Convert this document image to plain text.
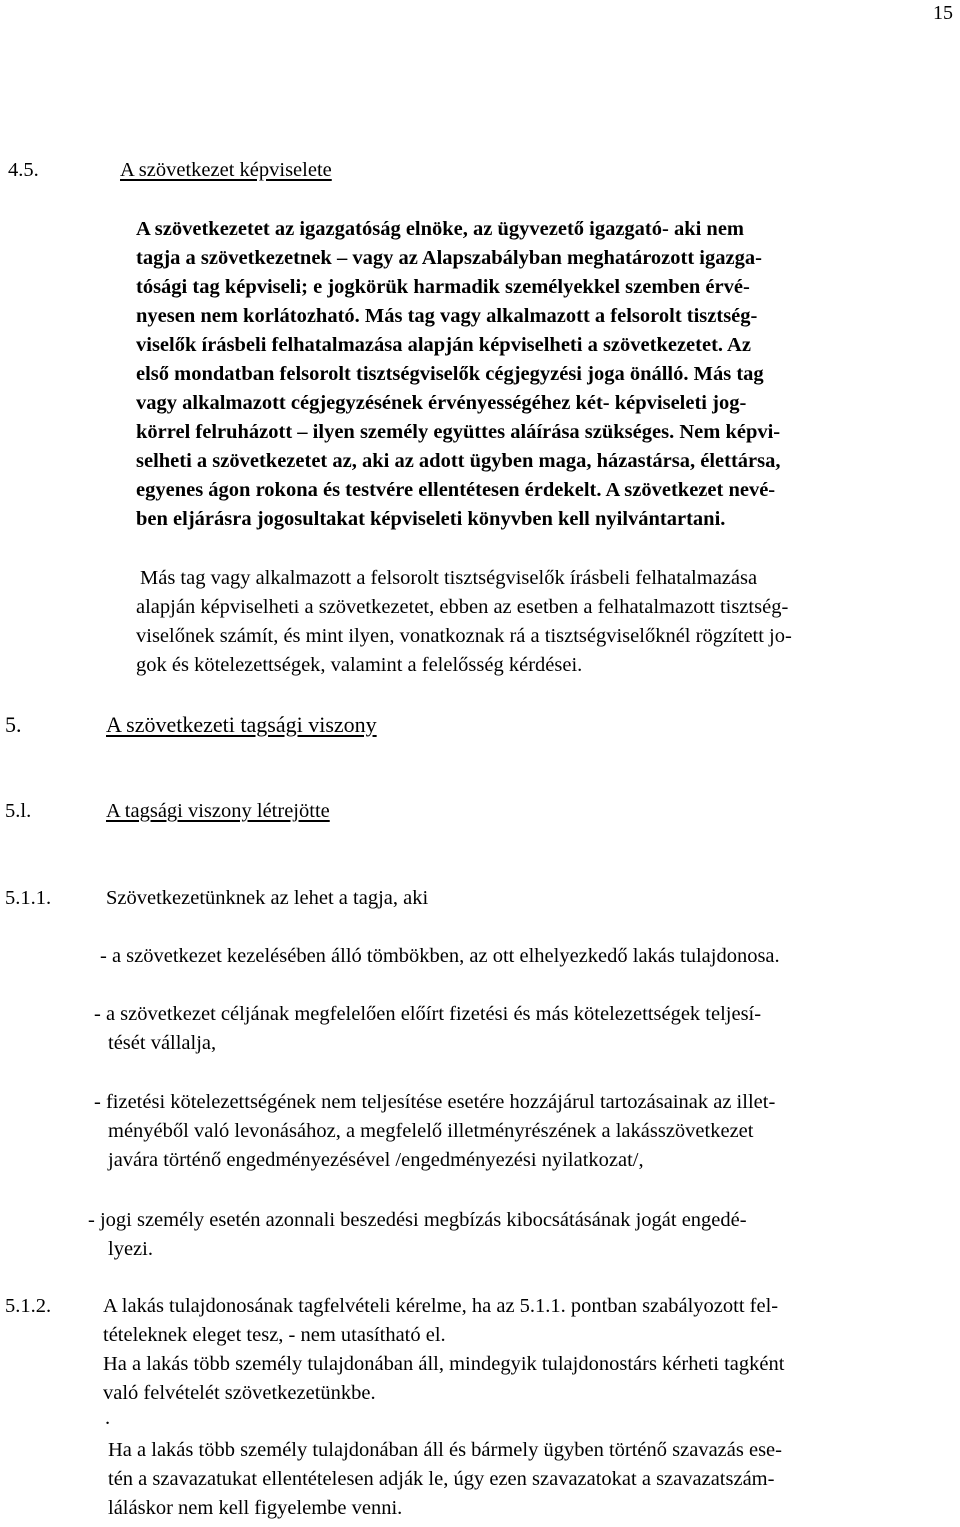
15
4.5.	A szövetkezet képviselete
A szövetkezetet az igazgatóság elnöke, az ügyvezető igazgató- aki nem
tagja a szövetkezetnek – vagy az Alapszabályban meghatározott igazga-
tósági tag képviseli; e jogkörük harmadik személyekkel szemben érvé-
nyesen nem korlátozható. Más tag vagy alkalmazott a felsorolt tisztség-
viselők írásbeli felhatalmazása alapján képviselheti a szövetkezetet. Az
első mondatban felsorolt tisztségviselők cégjegyzési joga önálló. Más tag
vagy alkalmazott cégjegyzésének érvényességéhez két- képviseleti jog-
körrel felruházott – ilyen személy együttes aláírása szükséges. Nem képvi-
selheti a szövetkezetet az, aki az adott ügyben maga, házastársa, élettársa,
egyenes ágon rokona és testvére ellentétesen érdekelt. A szövetkezet nevé-
ben eljárásra jogosultakat képviseleti könyvben kell nyilvántartani.
Más tag vagy alkalmazott a felsorolt tisztségviselők írásbeli felhatalmazása
alapján képviselheti a szövetkezetet, ebben az esetben a felhatalmazott tisztség-
viselőnek számít, és mint ilyen, vonatkoznak rá a tisztségviselőknél rögzített jo-
gok és kötelezettségek, valamint a felelősség kérdései.
5.	A szövetkezeti tagsági viszony
5.l.	A tagsági viszony létrejötte
5.1.1.	Szövetkezetünknek az lehet a tagja, aki
- a szövetkezet kezelésében álló tömbökben, az ott elhelyezkedő lakás tulajdonosa.
- a szövetkezet céljának megfelelően előírt fizetési és más kötelezettségek teljesí-
tését vállalja,
- fizetési kötelezettségének nem teljesítése esetére hozzájárul tartozásainak az illet-
ményéből való levonásához, a megfelelő illetményrészének a lakásszövetkezet
javára történő engedményezésével /engedményezési nyilatkozat/,
- jogi személy esetén azonnali beszedési megbízás kibocsátásának jogát engedé-
lyezi.
5.1.2.	A lakás tulajdonosának tagfelvételi kérelme, ha az 5.1.1. pontban szabályozott fel-
tételeknek eleget tesz, - nem utasítható el.
Ha a lakás több személy tulajdonában áll, mindegyik tulajdonostárs kérheti tagként
való felvételét szövetkezetünkbe.
.
Ha a lakás több személy tulajdonában áll és bármely ügyben történő szavazás ese-
tén a szavazatukat ellentételesen adják le, úgy ezen szavazatokat a szavazatszám-
láláskor nem kell figyelembe venni.
